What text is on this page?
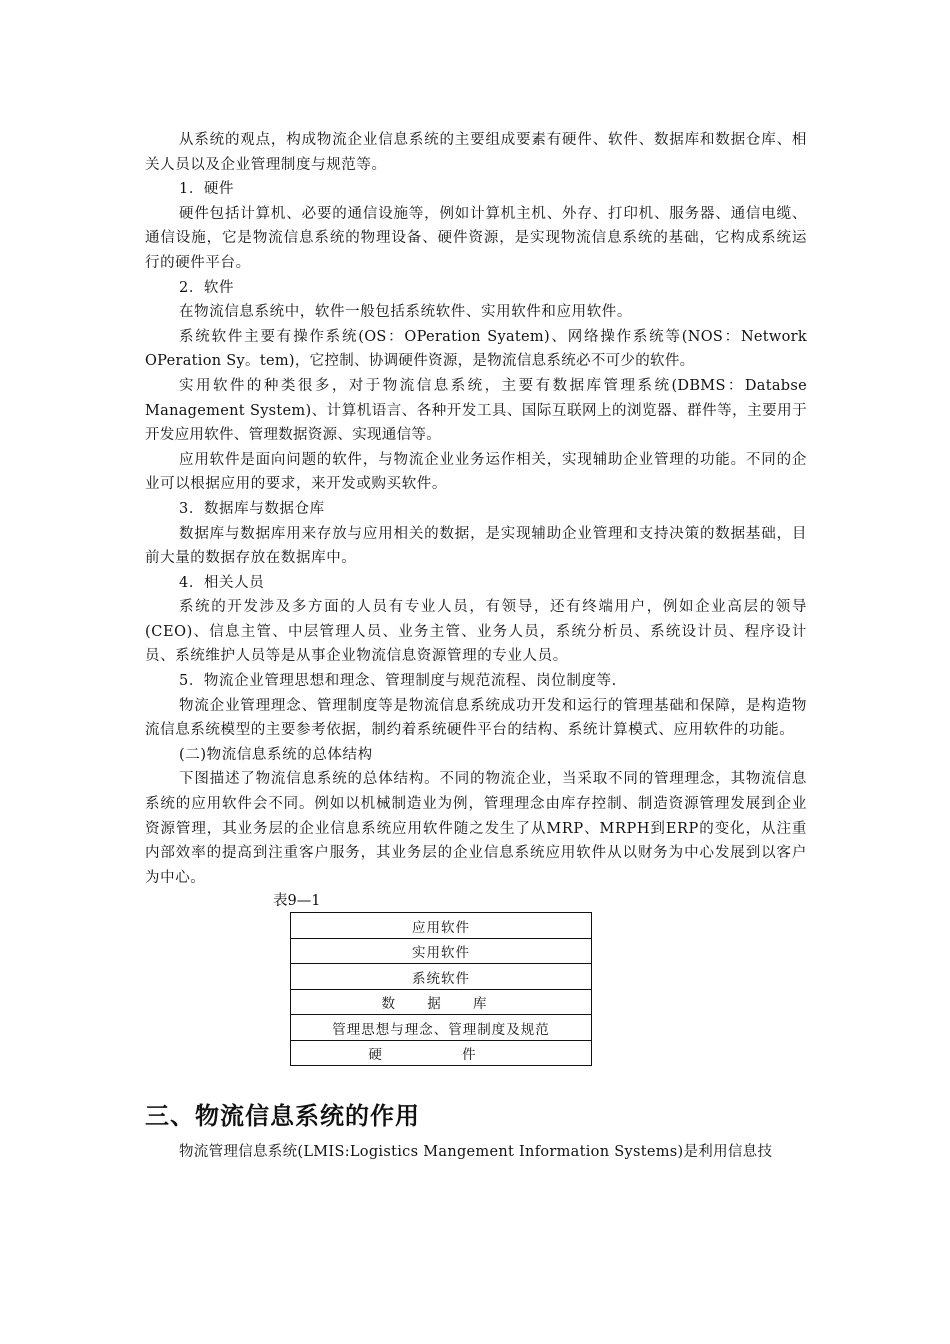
从系统的观点，构成物流企业信息系统的主要组成要素有硬件、软件、数据库和数据仓库、相关人员以及企业管理制度与规范等。

1．硬件

硬件包括计算机、必要的通信设施等，例如计算机主机、外存、打印机、服务器、通信电缆、通信设施，它是物流信息系统的物理设备、硬件资源，是实现物流信息系统的基础，它构成系统运行的硬件平台。

2．软件

在物流信息系统中，软件一般包括系统软件、实用软件和应用软件。

系统软件主要有操作系统(OS：OPeration Syatem)、网络操作系统等(NOS：Network OPeration Sy。tem)，它控制、协调硬件资源，是物流信息系统必不可少的软件。

实用软件的种类很多，对于物流信息系统，主要有数据库管理系统(DBMS：Databse Management System)、计算机语言、各种开发工具、国际互联网上的浏览器、群件等，主要用于开发应用软件、管理数据资源、实现通信等。

应用软件是面向问题的软件，与物流企业业务运作相关，实现辅助企业管理的功能。不同的企业可以根据应用的要求，来开发或购买软件。

3．数据库与数据仓库

数据库与数据库用来存放与应用相关的数据，是实现辅助企业管理和支持决策的数据基础，目前大量的数据存放在数据库中。

4．相关人员

系统的开发涉及多方面的人员有专业人员，有领导，还有终端用户，例如企业高层的领导(CEO)、信息主管、中层管理人员、业务主管、业务人员，系统分析员、系统设计员、程序设计员、系统维护人员等是从事企业物流信息资源管理的专业人员。

5．物流企业管理思想和理念、管理制度与规范流程、岗位制度等.

物流企业管理理念、管理制度等是物流信息系统成功开发和运行的管理基础和保障，是构造物流信息系统模型的主要参考依据，制约着系统硬件平台的结构、系统计算模式、应用软件的功能。

(二)物流信息系统的总体结构

下图描述了物流信息系统的总体结构。不同的物流企业，当采取不同的管理理念，其物流信息系统的应用软件会不同。例如以机械制造业为例，管理理念由库存控制、制造资源管理发展到企业资源管理，其业务层的企业信息系统应用软件随之发生了从MRP、MRPH到ERP的变化，从注重内部效率的提高到注重客户服务，其业务层的企业信息系统应用软件从以财务为中心发展到以客户为中心。

表9—1

应用软件
实用软件
系统软件
数 据 库
管理思想与理念、管理制度及规范
硬 件
三、物流信息系统的作用

物流管理信息系统(LMIS:Logistics Mangement Information Systems)是利用信息技
